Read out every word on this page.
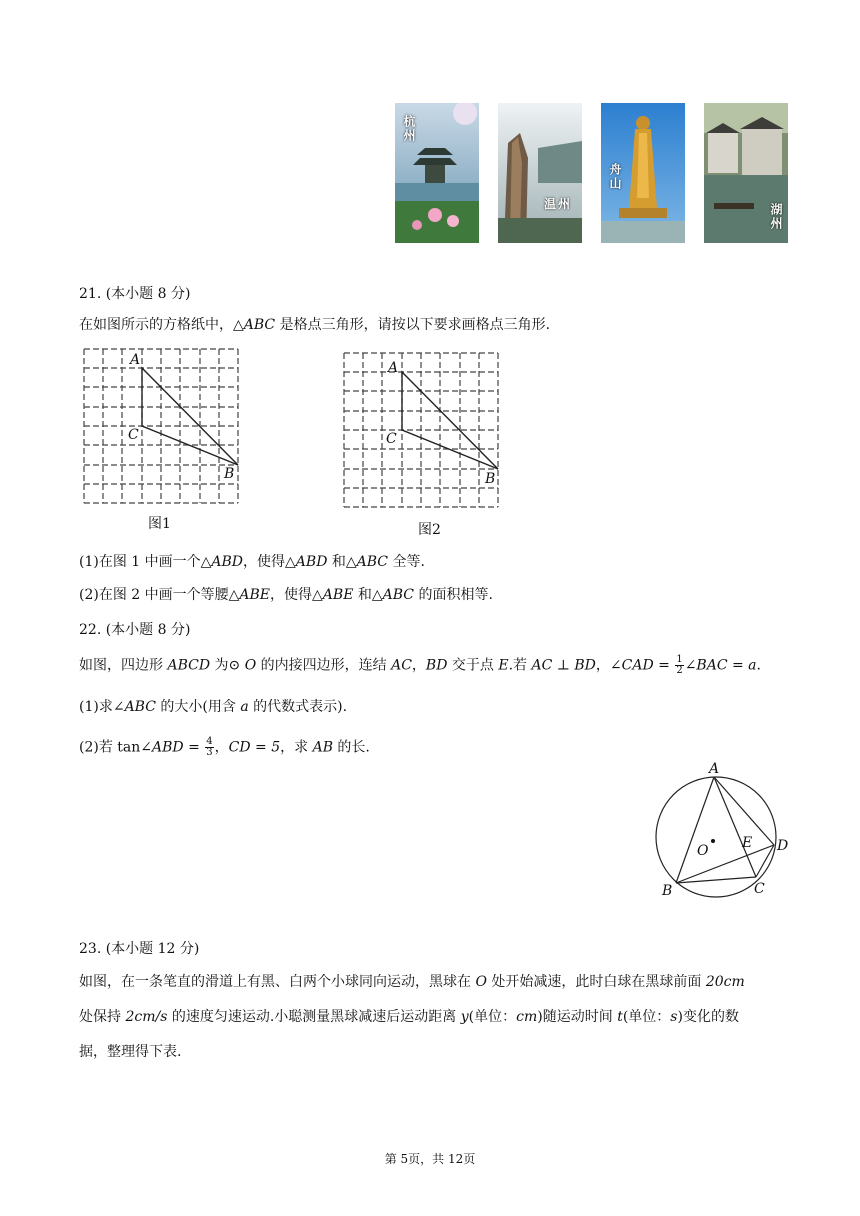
杭州
温州
舟山
湖州
21. (本小题 8 分)
在如图所示的方格纸中，△ABC 是格点三角形，请按以下要求画格点三角形.
A
C
B
图1
A
C
B
图2
(1)在图 1 中画一个△ABD，使得△ABD 和△ABC 全等.
(2)在图 2 中画一个等腰△ABE，使得△ABE 和△ABC 的面积相等.
22. (本小题 8 分)
如图，四边形 ABCD 为⊙ O 的内接四边形，连结 AC，BD 交于点 E.若 AC ⊥ BD，∠CAD = $\frac{1}{2}$ ∠BAC = a.
(1)求∠ABC 的大小(用含 a 的代数式表示).
(2)若 tan∠ABD = $\frac{4}{3}$ ，CD = 5，求 AB 的长.
A
B	C
D
E
O
23. (本小题 12 分)
如图，在一条笔直的滑道上有黑、白两个小球同向运动，黑球在 O 处开始减速，此时白球在黑球前面 20cm
处保持 2cm/s 的速度匀速运动.小聪测量黑球减速后运动距离 y(单位：cm)随运动时间 t(单位：s)变化的数
据，整理得下表.
第 5页，共 12页
